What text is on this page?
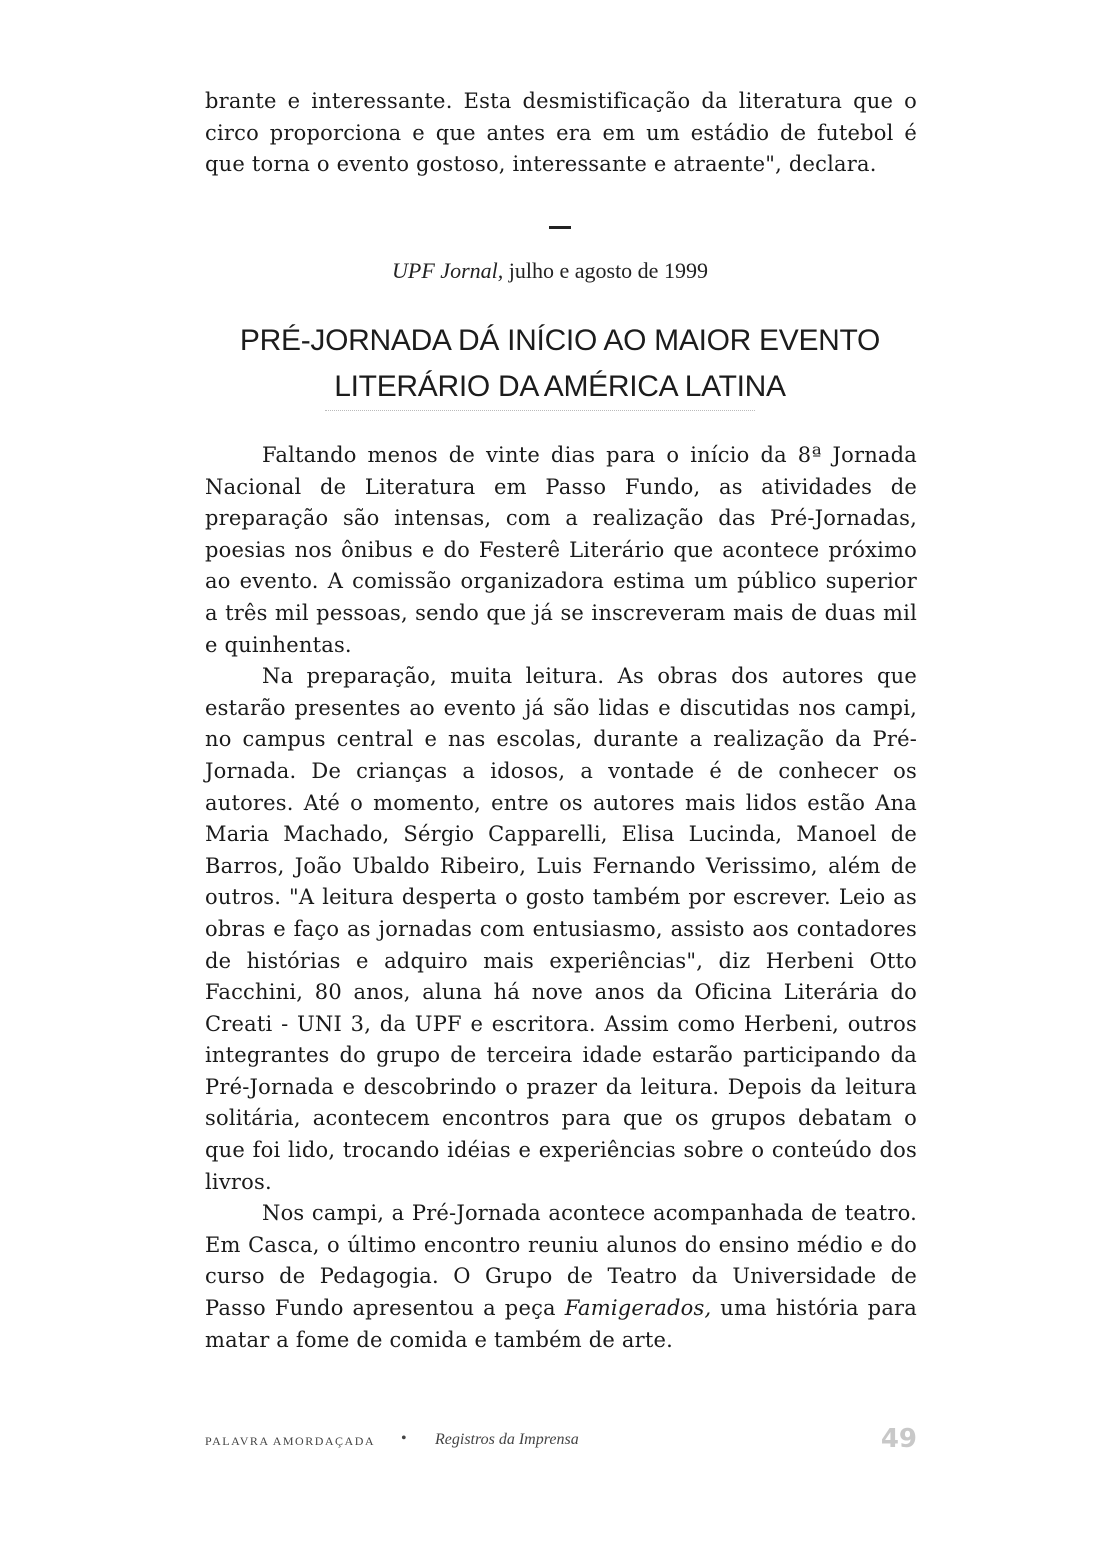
brante e interessante. Esta desmistificação da literatura que o circo proporciona e que antes era em um estádio de futebol é que torna o evento gostoso, interessante e atraente", declara.

UPF Jornal, julho e agosto de 1999
PRÉ-JORNADA DÁ INÍCIO AO MAIOR EVENTO
LITERÁRIO DA AMÉRICA LATINA

Faltando menos de vinte dias para o início da 8ª Jornada Nacional de Literatura em Passo Fundo, as atividades de preparação são intensas, com a realização das Pré-Jornadas, poesias nos ônibus e do Festerê Literário que acontece próximo ao evento. A comissão organizadora estima um público superior a três mil pessoas, sendo que já se inscreveram mais de duas mil e quinhentas.

Na preparação, muita leitura. As obras dos autores que estarão presentes ao evento já são lidas e discutidas nos campi, no campus central e nas escolas, durante a realização da Pré-Jornada. De crianças a idosos, a vontade é de conhecer os autores. Até o momento, entre os autores mais lidos estão Ana Maria Machado, Sérgio Capparelli, Elisa Lucinda, Manoel de Barros, João Ubaldo Ribeiro, Luis Fernando Verissimo, além de outros. "A leitura desperta o gosto também por escrever. Leio as obras e faço as jornadas com entusiasmo, assisto aos contadores de histórias e adquiro mais experiências", diz Herbeni Otto Facchini, 80 anos, aluna há nove anos da Oficina Literária do Creati - UNI 3, da UPF e escritora. Assim como Herbeni, outros integrantes do grupo de terceira idade estarão participando da Pré-Jornada e descobrindo o prazer da leitura. Depois da leitura solitária, acontecem encontros para que os grupos debatam o que foi lido, trocando idéias e experiências sobre o conteúdo dos livros.

Nos campi, a Pré-Jornada acontece acompanhada de teatro. Em Casca, o último encontro reuniu alunos do ensino médio e do curso de Pedagogia. O Grupo de Teatro da Universidade de Passo Fundo apresentou a peça Famigerados, uma história para matar a fome de comida e também de arte.

PALAVRA AMORDAÇADA • Registros da Imprensa	49
